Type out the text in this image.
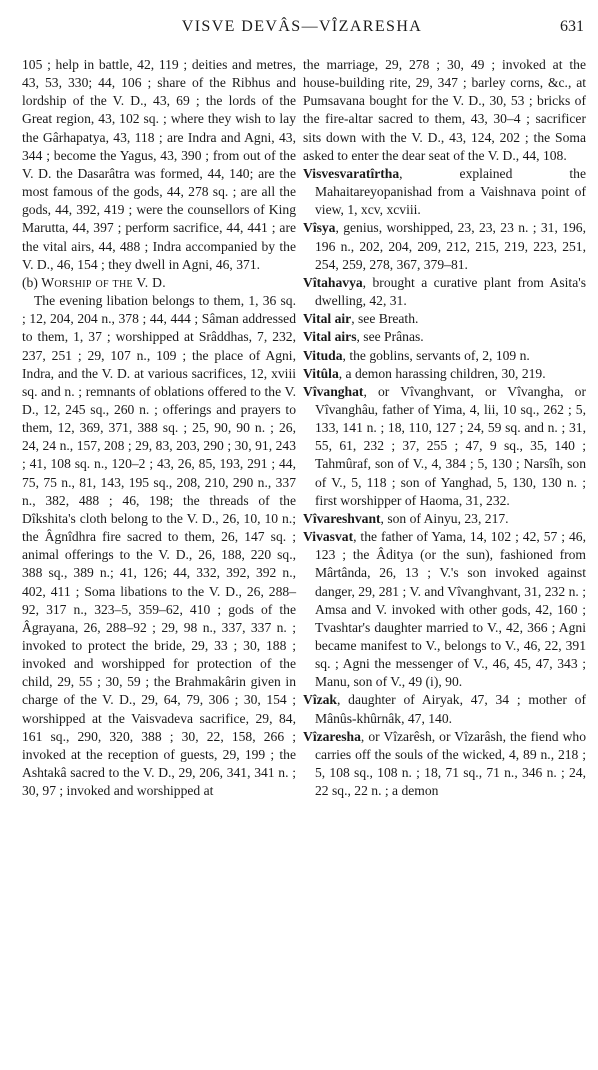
VISVE DEVÂS—VÎZARESHA	631

105 ; help in battle, 42, 119 ; deities and metres, 43, 53, 330; 44, 106 ; share of the Ribhus and lordship of the V. D., 43, 69 ; the lords of the Great region, 43, 102 sq. ; where they wish to lay the Gârhapatya, 43, 118 ; are Indra and Agni, 43, 344 ; become the Yagus, 43, 390 ; from out of the V. D. the Dasarâtra was formed, 44, 140; are the most famous of the gods, 44, 278 sq. ; are all the gods, 44, 392, 419 ; were the counsellors of King Marutta, 44, 397 ; perform sacrifice, 44, 441 ; are the vital airs, 44, 488 ; Indra accompanied by the V. D., 46, 154 ; they dwell in Agni, 46, 371.

(b) Worship of the V. D.

The evening libation belongs to them, 1, 36 sq. ; 12, 204, 204 n., 378 ; 44, 444 ; Sâman addressed to them, 1, 37 ; worshipped at Srâddhas, 7, 232, 237, 251 ; 29, 107 n., 109 ; the place of Agni, Indra, and the V. D. at various sacrifices, 12, xviii sq. and n. ; remnants of oblations offered to the V. D., 12, 245 sq., 260 n. ; offerings and prayers to them, 12, 369, 371, 388 sq. ; 25, 90, 90 n. ; 26, 24, 24 n., 157, 208 ; 29, 83, 203, 290 ; 30, 91, 243 ; 41, 108 sq. n., 120–2 ; 43, 26, 85, 193, 291 ; 44, 75, 75 n., 81, 143, 195 sq., 208, 210, 290 n., 337 n., 382, 488 ; 46, 198; the threads of the Dîkshita's cloth belong to the V. D., 26, 10, 10 n.; the Âgnîdhra fire sacred to them, 26, 147 sq. ; animal offerings to the V. D., 26, 188, 220 sq., 388 sq., 389 n.; 41, 126; 44, 332, 392, 392 n., 402, 411 ; Soma libations to the V. D., 26, 288–92, 317 n., 323–5, 359–62, 410 ; gods of the Âgrayana, 26, 288–92 ; 29, 98 n., 337, 337 n. ; invoked to protect the bride, 29, 33 ; 30, 188 ; invoked and worshipped for protection of the child, 29, 55 ; 30, 59 ; the Brahmakârin given in charge of the V. D., 29, 64, 79, 306 ; 30, 154 ; worshipped at the Vaisvadeva sacrifice, 29, 84, 161 sq., 290, 320, 388 ; 30, 22, 158, 266 ; invoked at the reception of guests, 29, 199 ; the Ashtakâ sacred to the V. D., 29, 206, 341, 341 n. ; 30, 97 ; invoked and worshipped at

the marriage, 29, 278 ; 30, 49 ; invoked at the house-building rite, 29, 347 ; barley corns, &c., at Pumsavana bought for the V. D., 30, 53 ; bricks of the fire-altar sacred to them, 43, 30–4 ; sacrificer sits down with the V. D., 43, 124, 202 ; the Soma asked to enter the dear seat of the V. D., 44, 108.

Visvesvaratîrtha, explained the Mahaitareyopanishad from a Vaishnava point of view, 1, xcv, xcviii.

Vîsya, genius, worshipped, 23, 23, 23 n. ; 31, 196, 196 n., 202, 204, 209, 212, 215, 219, 223, 251, 254, 259, 278, 367, 379–81.

Vîtahavya, brought a curative plant from Asita's dwelling, 42, 31.

Vital air, see Breath.

Vital airs, see Prânas.

Vituda, the goblins, servants of, 2, 109 n.

Vitûla, a demon harassing children, 30, 219.

Vîvanghat, or Vîvanghvant, or Vîvangha, or Vîvanghâu, father of Yima, 4, lii, 10 sq., 262 ; 5, 133, 141 n. ; 18, 110, 127 ; 24, 59 sq. and n. ; 31, 55, 61, 232 ; 37, 255 ; 47, 9 sq., 35, 140 ; Tahmûraf, son of V., 4, 384 ; 5, 130 ; Narsîh, son of V., 5, 118 ; son of Yanghad, 5, 130, 130 n. ; first worshipper of Haoma, 31, 232.

Vîvareshvant, son of Ainyu, 23, 217.

Vivasvat, the father of Yama, 14, 102 ; 42, 57 ; 46, 123 ; the Âditya (or the sun), fashioned from Mârtânda, 26, 13 ; V.'s son invoked against danger, 29, 281 ; V. and Vîvanghvant, 31, 232 n. ; Amsa and V. invoked with other gods, 42, 160 ; Tvashtar's daughter married to V., 42, 366 ; Agni became manifest to V., belongs to V., 46, 22, 391 sq. ; Agni the messenger of V., 46, 45, 47, 343 ; Manu, son of V., 49 (i), 90.

Vîzak, daughter of Airyak, 47, 34 ; mother of Mânûs-khûrnâk, 47, 140.

Vîzaresha, or Vîzarêsh, or Vîzarâsh, the fiend who carries off the souls of the wicked, 4, 89 n., 218 ; 5, 108 sq., 108 n. ; 18, 71 sq., 71 n., 346 n. ; 24, 22 sq., 22 n. ; a demon
